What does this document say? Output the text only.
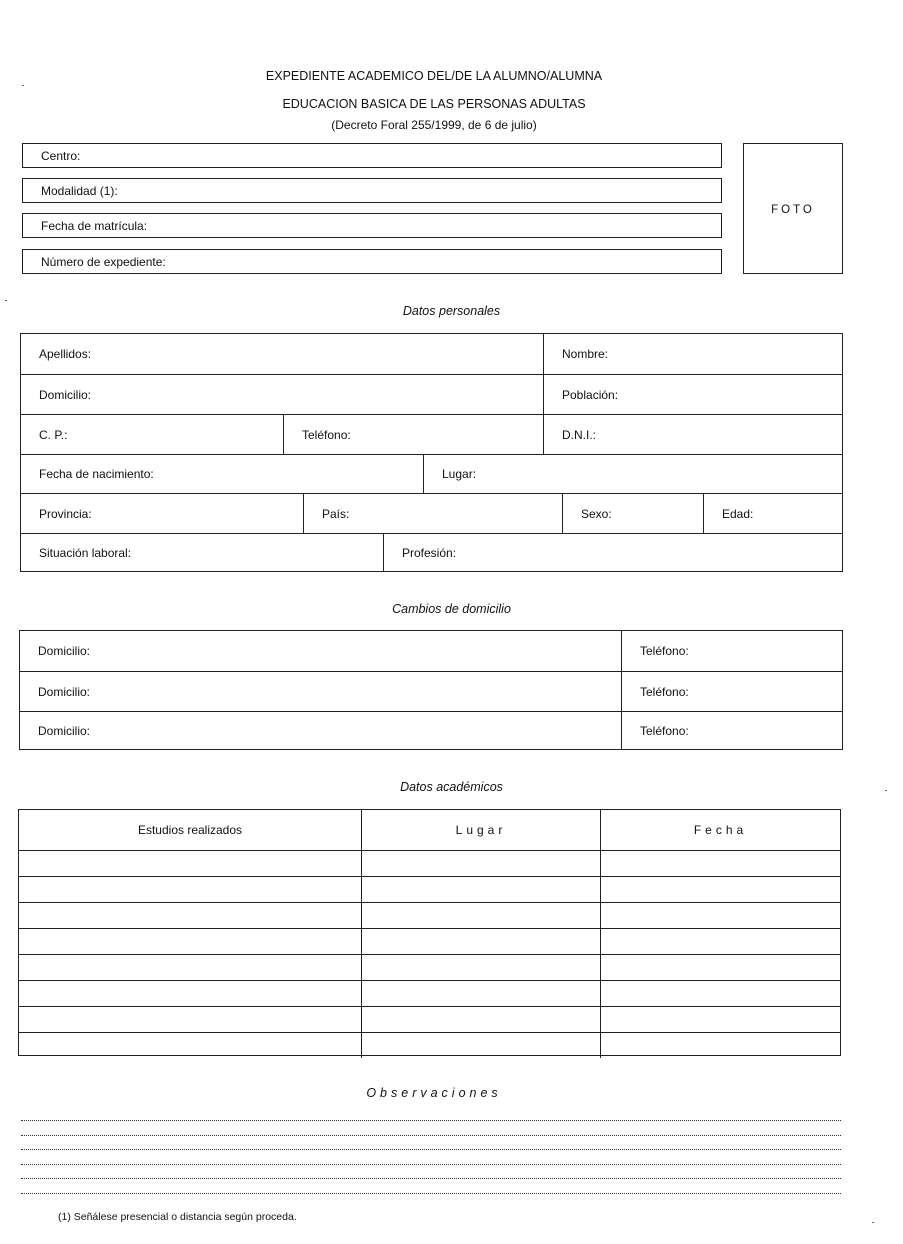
EXPEDIENTE ACADEMICO DEL/DE LA ALUMNO/ALUMNA
EDUCACION BASICA DE LAS PERSONAS ADULTAS
(Decreto Foral 255/1999, de 6 de julio)
Centro:
Modalidad (1):
Fecha de matrícula:
Número de expediente:
FOTO
Datos personales
Apellidos:	Nombre:
Domicilio:	Población:
C. P.:	Teléfono:	D.N.I.:
Fecha de nacimiento:	Lugar:
Provincia:	País:	Sexo:	Edad:
Situación laboral:	Profesión:
Cambios de domicilio
Domicilio:	Teléfono:
Domicilio:	Teléfono:
Domicilio:	Teléfono:
Datos académicos
Estudios realizados	Lugar	Fecha
Observaciones
(1) Señálese presencial o distancia según proceda.
